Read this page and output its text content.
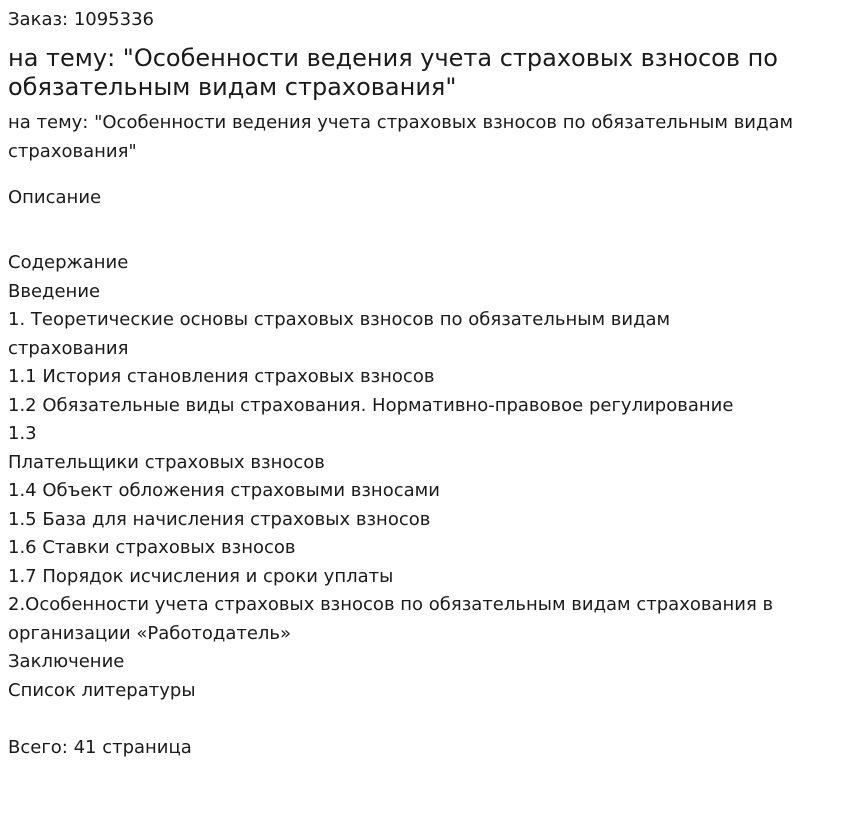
Заказ: 1095336
на тему: "Особенности ведения учета страховых взносов по обязательным видам страхования"
на тему: "Особенности ведения учета страховых взносов по обязательным видам страхования"
Описание
Содержание
Введение
1. Теоретические основы страховых взносов по обязательным видам страхования
1.1 История становления страховых взносов
1.2 Обязательные виды страхования. Нормативно-правовое регулирование
1.3
Плательщики страховых взносов
1.4 Объект обложения страховыми взносами
1.5 База для начисления страховых взносов
1.6 Ставки страховых взносов
1.7 Порядок исчисления и сроки уплаты
2.Особенности учета страховых взносов по обязательным видам страхования в организации «Работодатель»
Заключение
Список литературы
Всего: 41 страница
